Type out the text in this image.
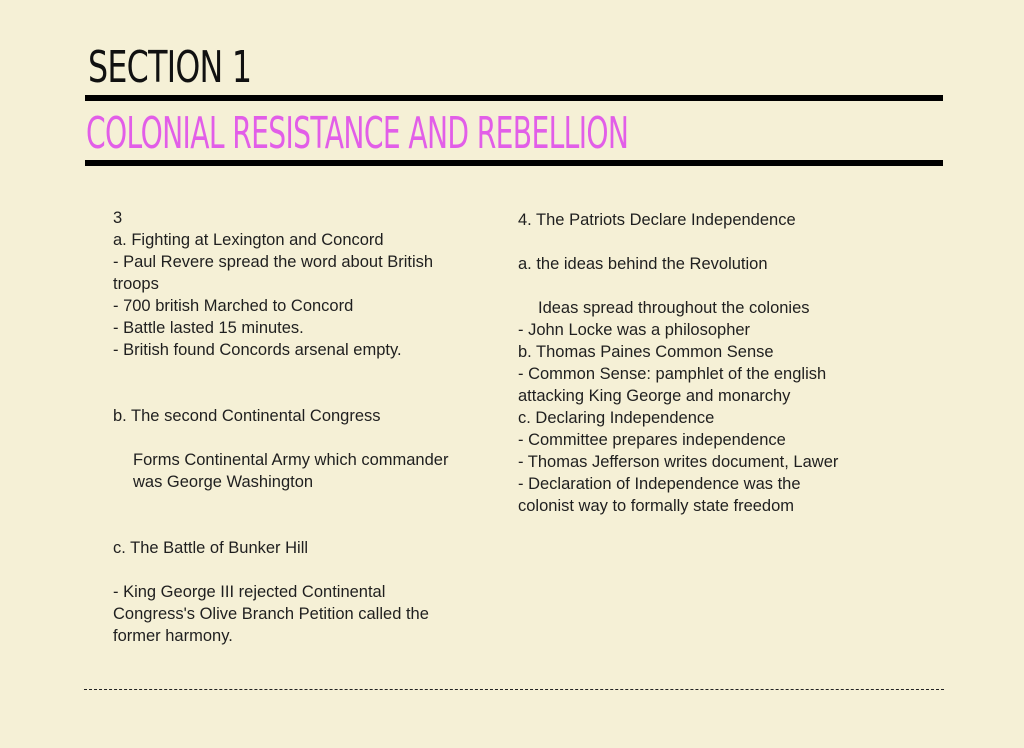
SECTION 1
COLONIAL RESISTANCE AND REBELLION
3
a. Fighting at Lexington and Concord
- Paul Revere spread the word about British troops
- 700 british Marched to Concord
- Battle lasted 15 minutes.
- British found Concords arsenal empty.
b. The second Continental Congress
Forms Continental Army which commander was George Washington
c. The Battle of Bunker Hill
- King George III rejected Continental Congress's Olive Branch Petition called the former harmony.
4. The Patriots Declare Independence
a. the ideas behind the Revolution
Ideas spread throughout the colonies
- John Locke was a philosopher
b. Thomas Paines Common Sense
- Common Sense: pamphlet of the english attacking King George and monarchy
c. Declaring Independence
- Committee prepares independence
- Thomas Jefferson writes document, Lawer
- Declaration of Independence was the colonist way to formally state freedom
